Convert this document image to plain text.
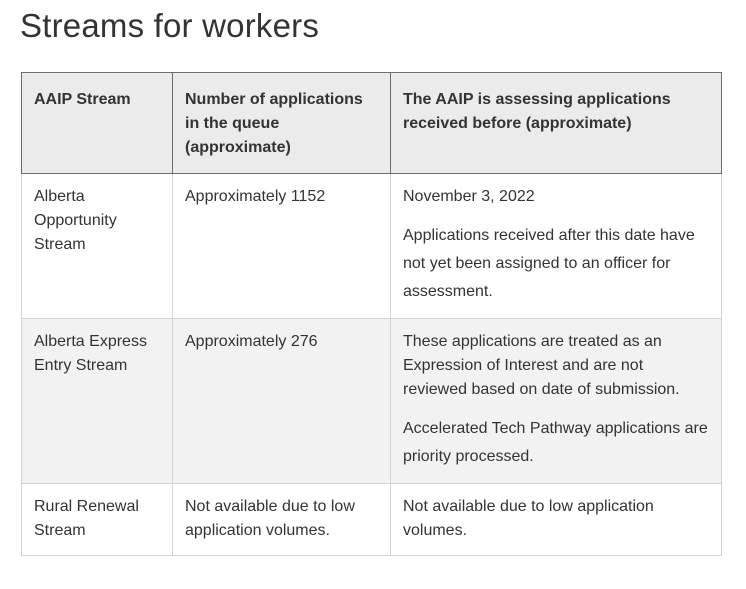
Streams for workers
AAIP Stream	Number of applications in the queue (approximate)	The AAIP is assessing applications received before (approximate)
Alberta Opportunity Stream	Approximately 1152	November 3, 2022

Applications received after this date have not yet been assigned to an officer for assessment.

Alberta Express Entry Stream	Approximately 276	These applications are treated as an Expression of Interest and are not reviewed based on date of submission.

Accelerated Tech Pathway applications are priority processed.

Rural Renewal Stream	Not available due to low application volumes.	Not available due to low application volumes.
